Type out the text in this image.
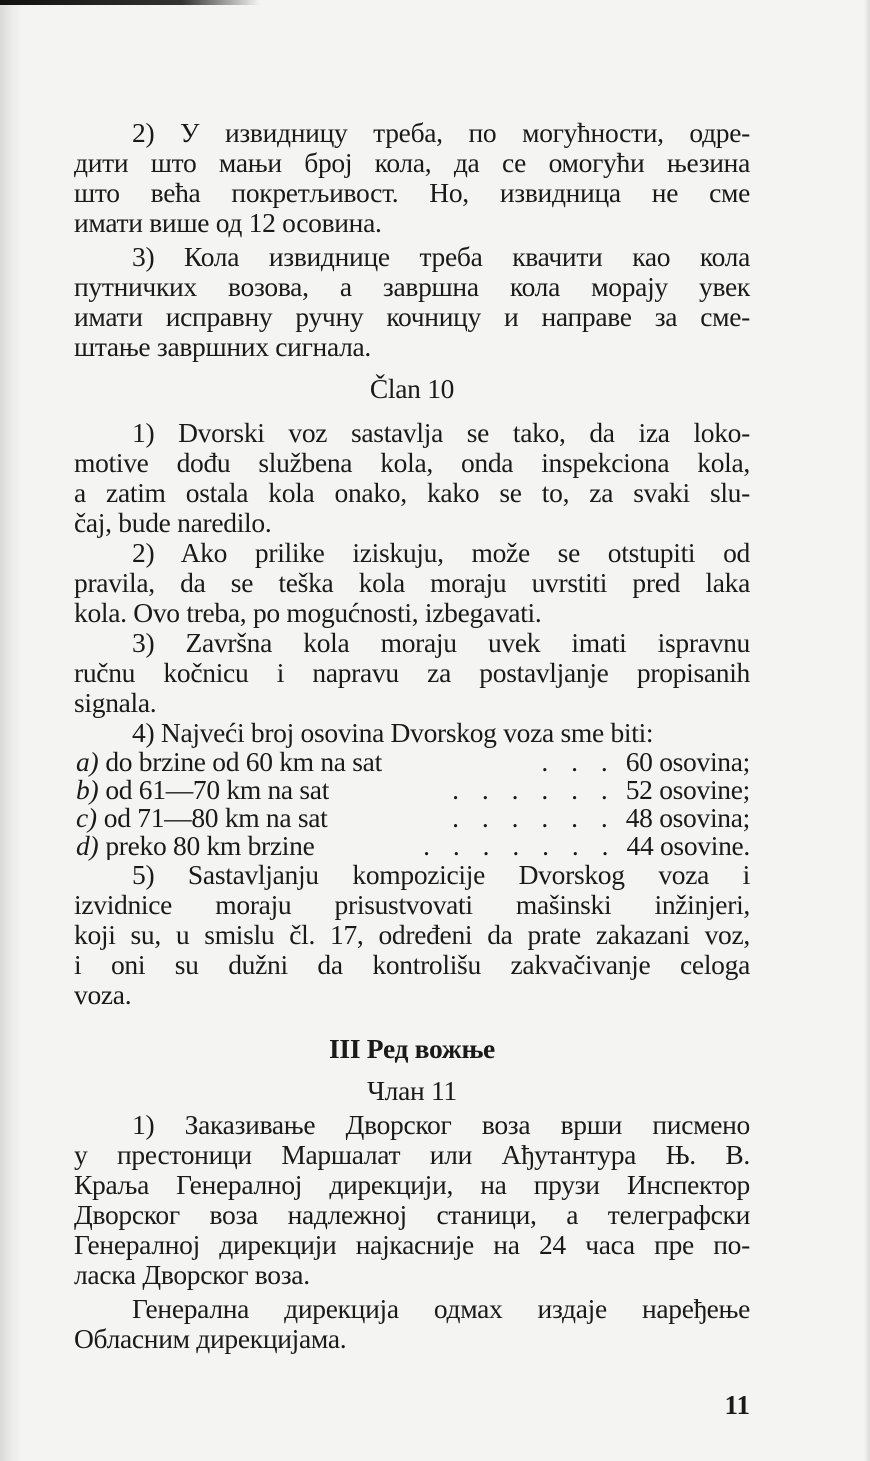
2) У извидницу треба, по могућности, одре-
дити што мањи број кола, да се омогући њезина
што већа покретљивост. Но, извидница не сме
имати више од 12 осовина.
3) Кола извиднице треба квачити као кола
путничких возова, а завршна кола морају увек
имати исправну ручну кочницу и направе за сме-
штање завршних сигнала.
Član 10
1) Dvorski voz sastavlja se tako, da iza loko-
motive dođu službena kola, onda inspekciona kola,
a zatim ostala kola onako, kako se to, za svaki slu-
čaj, bude naredilo.
2) Ako prilike iziskuju, može se otstupiti od
pravila, da se teška kola moraju uvrstiti pred laka
kola. Ovo treba, po mogućnosti, izbegavati.
3) Završna kola moraju uvek imati ispravnu
ručnu kočnicu i napravu za postavljanje propisanih
signala.
4) Najveći broj osovina Dvorskog voza sme biti:
a) do brzine od 60 km na sat	. . . 60 osovina;
b) od 61—70 km na sat	. . . . . . 52 osovine;
c) od 71—80 km na sat	. . . . . . 48 osovina;
d) preko 80 km brzine	. . . . . . . 44 osovine.
5) Sastavljanju kompozicije Dvorskog voza i
izvidnice moraju prisustvovati mašinski inžinjeri,
koji su, u smislu čl. 17, određeni da prate zakazani voz,
i oni su dužni da kontrolišu zakvačivanje celoga
voza.
III Ред вожње
Члан 11
1) Заказивање Дворског воза врши писмено
у престоници Маршалат или Ађутантура Њ. В.
Краља Генералној дирекцији, на прузи Инспектор
Дворског воза надлежној станици, а телеграфски
Генералној дирекцији најкасније на 24 часа пре по-
ласка Дворског воза.
Генерална дирекција одмах издаје наређење
Обласним дирекцијама.
11
